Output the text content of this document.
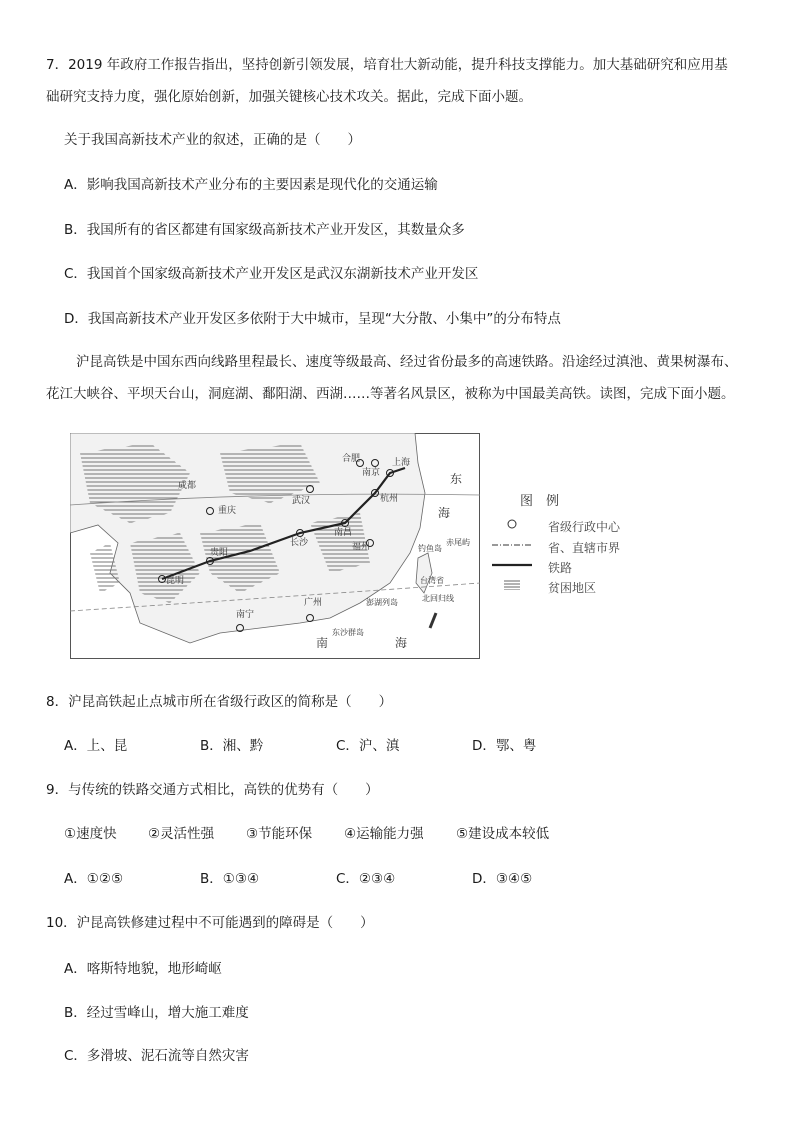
7．2019 年政府工作报告指出，坚持创新引领发展，培育壮大新动能，提升科技支撑能力。加大基础研究和应用基
础研究支持力度，强化原始创新，加强关键核心技术攻关。据此，完成下面小题。
关于我国高新技术产业的叙述，正确的是（　　）
A．影响我国高新技术产业分布的主要因素是现代化的交通运输
B．我国所有的省区都建有国家级高新技术产业开发区，其数量众多
C．我国首个国家级高新技术产业开发区是武汉东湖新技术产业开发区
D．我国高新技术产业开发区多依附于大中城市，呈现“大分散、小集中”的分布特点
沪昆高铁是中国东西向线路里程最长、速度等级最高、经过省份最多的高速铁路。沿途经过滇池、黄果树瀑布、
花江大峡谷、平坝天台山，洞庭湖、鄱阳湖、西湖……等著名风景区，被称为中国最美高铁。读图，完成下面小题。
成都
重庆
武汉
合肥
南京
上海
杭州
贵阳
长沙
南昌
福州
昆明
南宁
广州
台湾省
东
海
南	海
钓鱼岛
赤尾屿
澎湖列岛
东沙群岛
北回归线
图　例
省级行政中心
省、直辖市界
铁路
贫困地区
8．沪昆高铁起止点城市所在省级行政区的简称是（　　）
A．上、昆	B．湘、黔	C．沪、滇	D．鄂、粤
9．与传统的铁路交通方式相比，高铁的优势有（　　）
①速度快 ②灵活性强 ③节能环保 ④运输能力强 ⑤建设成本较低
A．①②⑤	B．①③④	C．②③④	D．③④⑤
10．沪昆高铁修建过程中不可能遇到的障碍是（　　）
A．喀斯特地貌，地形崎岖
B．经过雪峰山，增大施工难度
C．多滑坡、泥石流等自然灾害
